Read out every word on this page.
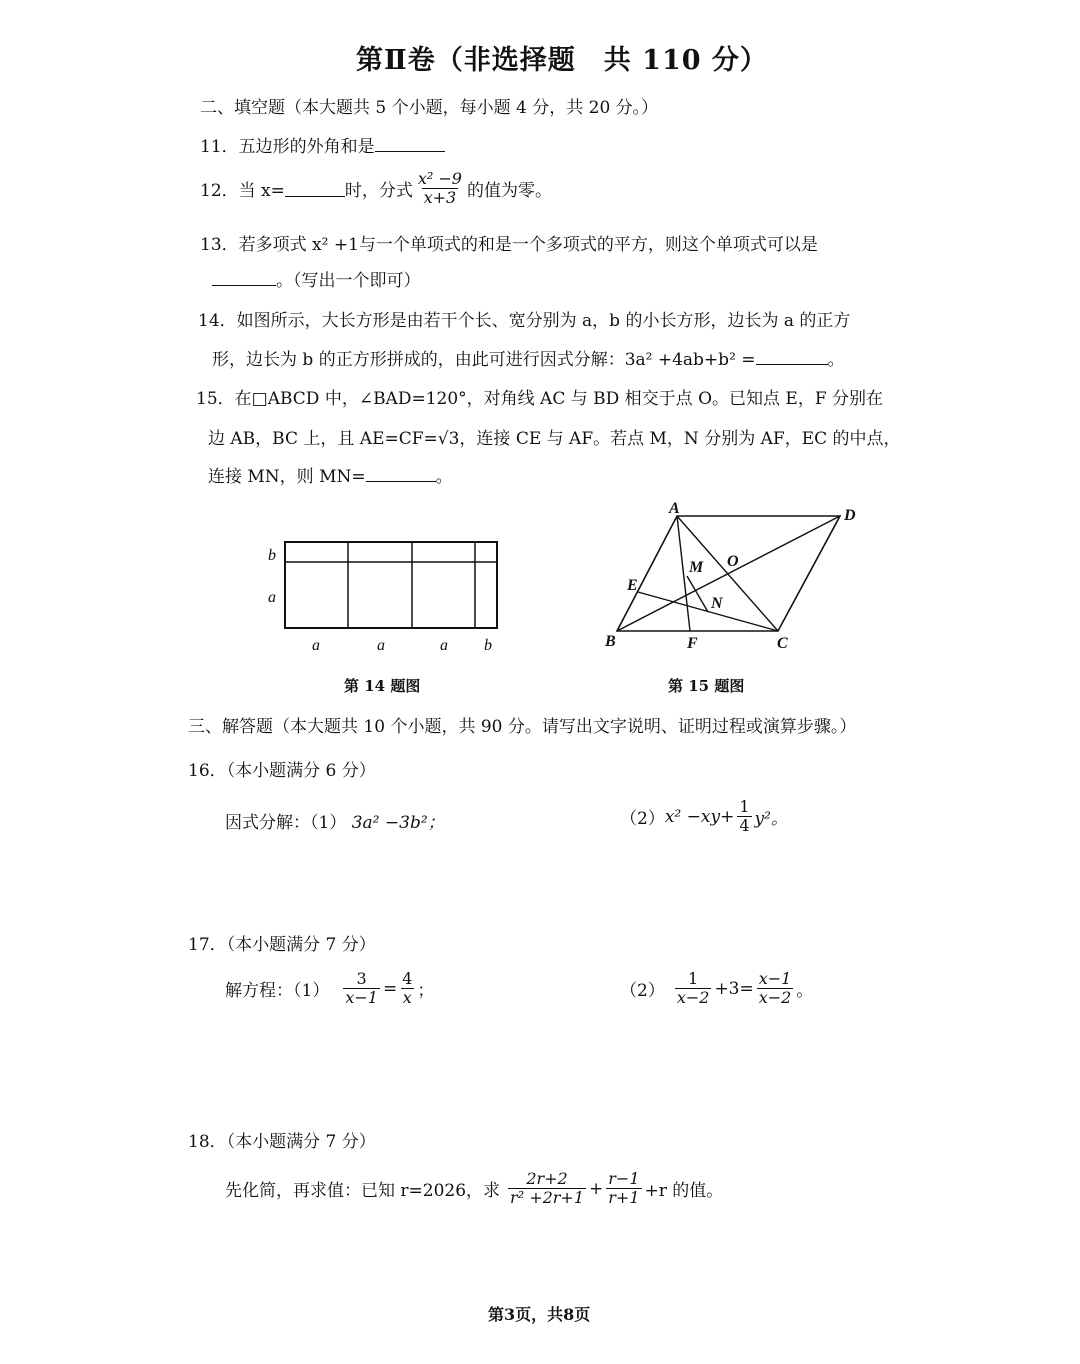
第Ⅱ卷（非选择题　共 110 分）
二、填空题（本大题共 5 个小题，每小题 4 分，共 20 分。）
11．五边形的外角和是
12．当 x=	时，分式 $\frac{\text{x² −9}}{x+3}$ 的值为零。
13．若多项式 x² +1与一个单项式的和是一个多项式的平方，则这个单项式可以是
。（写出一个即可）
14．如图所示，大长方形是由若干个长、宽分别为 a，b 的小长方形，边长为 a 的正方
形，边长为 b 的正方形拼成的，由此可进行因式分解：3a² +4ab+b² =	。
15．在□ABCD 中，∠BAD=120°，对角线 AC 与 BD 相交于点 O。已知点 E，F 分别在
边 AB，BC 上，且 AE=CF=√3，连接 CE 与 AF。若点 M，N 分别为 AF，EC 的中点，
连接 MN，则 MN=	。
b
a
a	a	a b
第 14 题图
A	D
B	C
E
F
M
N
O
第 15 题图
三、解答题（本大题共 10 个小题，共 90 分。请写出文字说明、证明过程或演算步骤。）
16．（本小题满分 6 分）
因式分解：（1） 3a² −3b²；	（2） $x^2 -xy+ \frac{1}{4} y^2$。
17．（本小题满分 7 分）
解方程：$(1) \frac{3}{x-1} = \frac{4}{x}$ ；	$(2) \frac{1}{x-2} +3= \frac{x-1}{x-2}$ 。
18．（本小题满分 7 分）
先化简，再求值：已知 r=2026，求 $\frac{2r+2}{\text{r² +2r+1}} + \frac{r-1}{r+1} +r$ 的值。
第3页，共8页
